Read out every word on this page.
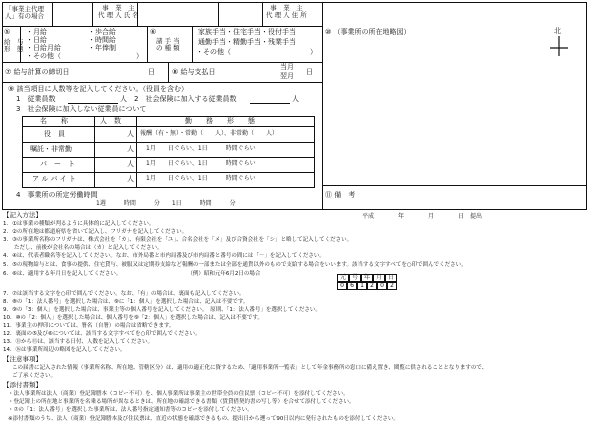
「事業主代理人」有の場合
事　業　主
代 理 人 氏 名
事　業　主
代 理 人 住 所
⑤
給　与
形　態
・月給
・日給
・日給月給
・その他（
・歩合給
・時間給
・年俸制
）
⑥
諸 手 当
の 種 類
家族手当・住宅手当・役付手当
通勤手当・精勤手当・残業手当
・その他（	）
⑦ 給与計算の締切日	日 ⑧ 給与支払日
当月
翌月 日
⑩ （事業所の所在地略図）	北
⑨ 該当項目に人数等を記入してください。（役員を含む）
1　従業員数	人 2　社会保険に加入する従業員数	人
3　社会保険に加入しない従業員について
名　　称	人　数	勤　　務　　形　　態
役　員	人 報酬（有・無）・常勤（　　人）、非常勤（　　人）
嘱託・非常勤	人 1月　　日ぐらい、1日　　　時間ぐらい
パ　ー　ト	人 1月　　日ぐらい、1日　　　時間ぐらい
ア ル バ イ ト	人 1月　　日ぐらい、1日　　　時間ぐらい
4　事業所の所定労働時間
1週　　　時間　　　分　　1日　　　時間　　　分
⑪ 備　考
【記入方法】	平成　　　　年　　　　月　　　　日　提出
1．①は事業の種類が判るように具体的に記入してください。
2．②の所在地は都道府県を省いて記入し、フリガナを記入してください。
3．③の事業所名称のフリガナは、株式会社を「カ」、有限会社を「ユ」、合名会社を「メ」及び合資会社を「シ」と略して記入してください。
　　ただし、前後が会社名の場合は（カ）と記入してください。
4．④は、代表者職名等を記入してください。なお、市外局番と市内局番及び市内局番と番号の間には「－」を記入してください。
5．⑤の現物給与とは、食事の提供、住宅貸与、被服又は定期券支給など報酬の一部または全部を通貨以外のもので支給する場合をいいます。該当する文字すべてを○印で囲んでください。
6．⑥は、適用する年月日を記入してください。　　　　　　　　　　　　　（例）昭和元年6月2日の場合	元 号 年 月 日
0	6	1	2	0	2
7．⑦は該当する文字を○印で囲んでください。なお、「有」の場合は、裏面も記入してください。
8．⑧の「1：法人番号」を選択した場合は、⑨に「1：個人」を選択した場合は、記入は不要です。
9．⑨の「3：個人」を選択した場合は、事業主等の個人番号を記入してください。　原則、「1：法人番号」を選択してください。
10．⑩の「2：個人」を選択した場合は、個人番号を⑨「2：個人」を選択した場合は、記入は不要です。
11．事業主の押印については、署名（自署）の場合は省略できます。
12．裏面の⑤及び⑥については、該当する文字すべてを○印で囲んでください。
13．⑪から⑮は、該当する日付、人数を記入してください。
14．⑯は事業所周辺の略図を記入してください。
【注意事項】
この届書に記入された情報（事業所名称、所在地、管轄区分）は、適用の適正化に資するため、「適用事業所一覧表」として年金事務所の窓口に備え置き、閲覧に供されることとなりますので、
ご了承ください。
【添付書類】
・法人事業所は法人（商業）登記簿謄本（コピー不可）を、個人事業所は事業主の世帯全員の住民票（コピー不可）を添付してください。
・登記簿上の所在地と事業所を名乗る場所が異なるときは、所在地の確認できる書類（賃貸借契約書の写し等）を合せて添付してください。
・⑦の「1：法人番号」を選択した事業所は、法人番号指定通知書等のコピーを添付してください。
※添付書類のうち、法人（商業）登記簿謄本及び住民票は、直近の状態を確認できるもの、提出日から遡って90日以内に発行されたものを添付してください。
